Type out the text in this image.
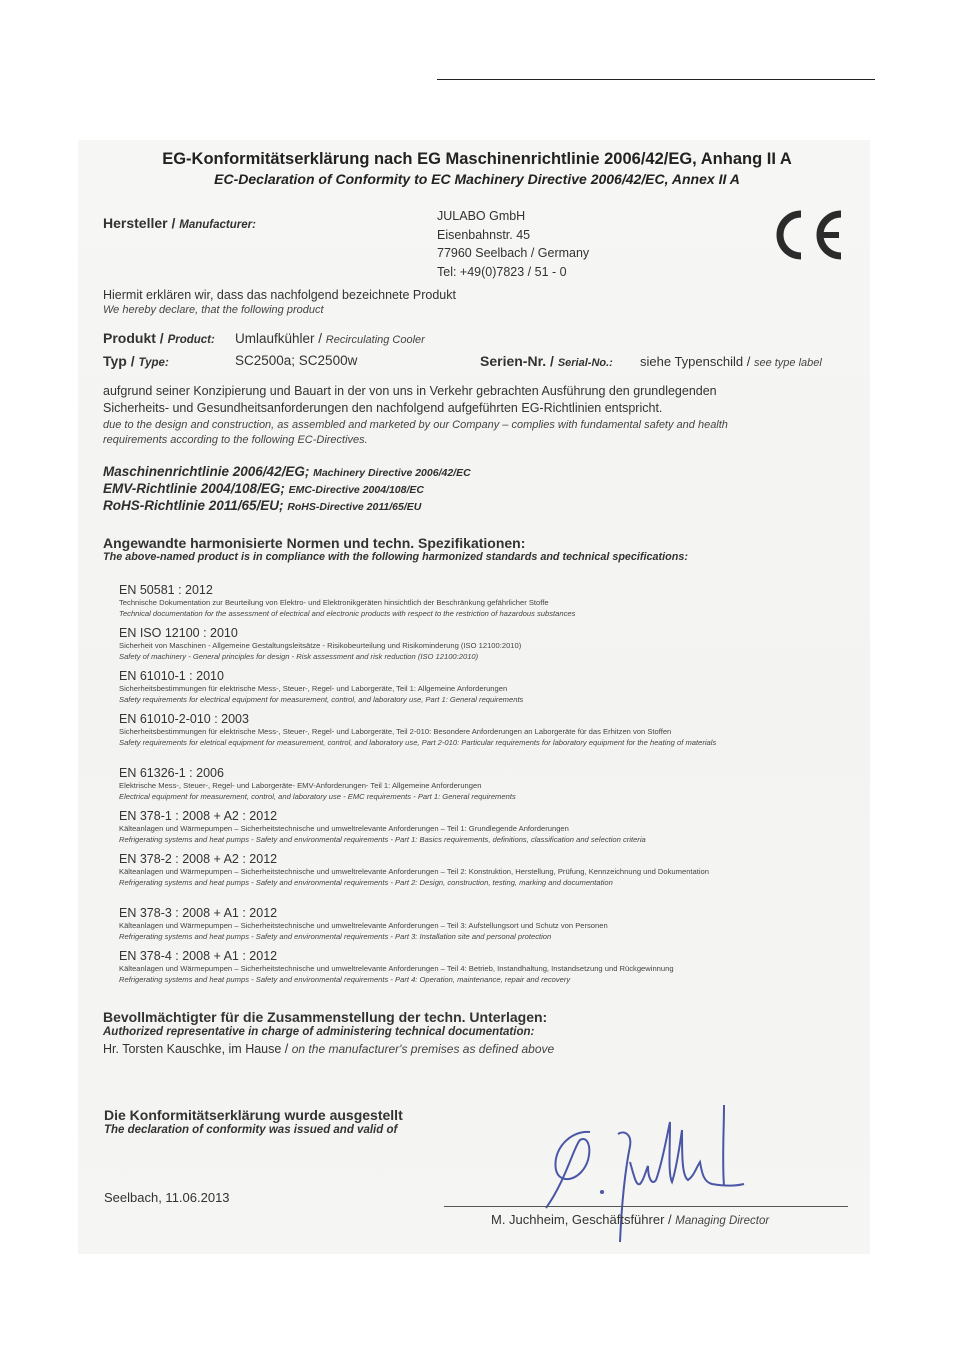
EG-Konformitätserklärung nach EG Maschinenrichtlinie 2006/42/EG, Anhang II A
EC-Declaration of Conformity to EC Machinery Directive 2006/42/EC, Annex II A
Hersteller / Manufacturer:
JULABO GmbH
Eisenbahnstr. 45
77960 Seelbach / Germany
Tel: +49(0)7823 / 51 - 0
Hiermit erklären wir, dass das nachfolgend bezeichnete Produkt
We hereby declare, that the following product
Produkt / Product: Umlaufkühler / Recirculating Cooler
Typ / Type:	SC2500a; SC2500w	Serien-Nr. / Serial-No.: siehe Typenschild / see type label
aufgrund seiner Konzipierung und Bauart in der von uns in Verkehr gebrachten Ausführung den grundlegenden
Sicherheits- und Gesundheitsanforderungen den nachfolgend aufgeführten EG-Richtlinien entspricht.
due to the design and construction, as assembled and marketed by our Company – complies with fundamental safety and health
requirements according to the following EC-Directives.
Maschinenrichtlinie 2006/42/EG; Machinery Directive 2006/42/EC
EMV-Richtlinie 2004/108/EG; EMC-Directive 2004/108/EC
RoHS-Richtlinie 2011/65/EU; RoHS-Directive 2011/65/EU
Angewandte harmonisierte Normen und techn. Spezifikationen:
The above-named product is in compliance with the following harmonized standards and technical specifications:
EN 50581 : 2012
Technische Dokumentation zur Beurteilung von Elektro- und Elektronikgeräten hinsichtlich der Beschränkung gefährlicher Stoffe
Technical documentation for the assessment of electrical and electronic products with respect to the restriction of hazardous substances
EN ISO 12100 : 2010
Sicherheit von Maschinen - Allgemeine Gestaltungsleitsätze - Risikobeurteilung und Risikominderung (ISO 12100:2010)
Safety of machinery - General principles for design - Risk assessment and risk reduction (ISO 12100:2010)
EN 61010-1 : 2010
Sicherheitsbestimmungen für elektrische Mess-, Steuer-, Regel- und Laborgeräte, Teil 1: Allgemeine Anforderungen
Safety requirements for electrical equipment for measurement, control, and laboratory use, Part 1: General requirements
EN 61010-2-010 : 2003
Sicherheitsbestimmungen für elektrische Mess-, Steuer-, Regel- und Laborgeräte, Teil 2-010: Besondere Anforderungen an Laborgeräte für das Erhitzen von Stoffen
Safety requirements for eletrical equipment for measurement, control, and laboratory use, Part 2-010: Particular requirements for laboratory equipment for the heating of materials
EN 61326-1 : 2006
Elektrische Mess-, Steuer-, Regel- und Laborgeräte- EMV-Anforderungen- Teil 1: Allgemeine Anforderungen
Electrical equipment for measurement, control, and laboratory use - EMC requirements - Part 1: General requirements
EN 378-1 : 2008 + A2 : 2012
Kälteanlagen und Wärmepumpen – Sicherheitstechnische und umweltrelevante Anforderungen – Teil 1: Grundlegende Anforderungen
Refrigerating systems and heat pumps - Safety and environmental requirements - Part 1: Basics requirements, definitions, classification and selection criteria
EN 378-2 : 2008 + A2 : 2012
Kälteanlagen und Wärmepumpen – Sicherheitstechnische und umweltrelevante Anforderungen – Teil 2: Konstruktion, Herstellung, Prüfung, Kennzeichnung und Dokumentation
Refrigerating systems and heat pumps - Safety and environmental requirements - Part 2: Design, construction, testing, marking and documentation
EN 378-3 : 2008 + A1 : 2012
Kälteanlagen und Wärmepumpen – Sicherheitstechnische und umweltrelevante Anforderungen – Teil 3: Aufstellungsort und Schutz von Personen
Refrigerating systems and heat pumps - Safety and environmental requirements - Part 3: Installation site and personal protection
EN 378-4 : 2008 + A1 : 2012
Kälteanlagen und Wärmepumpen – Sicherheitstechnische und umweltrelevante Anforderungen – Teil 4: Betrieb, Instandhaltung, Instandsetzung und Rückgewinnung
Refrigerating systems and heat pumps - Safety and environmental requirements - Part 4: Operation, maintenance, repair and recovery
Bevollmächtigter für die Zusammenstellung der techn. Unterlagen:
Authorized representative in charge of administering technical documentation:
Hr. Torsten Kauschke, im Hause / on the manufacturer's premises as defined above
Die Konformitätserklärung wurde ausgestellt
The declaration of conformity was issued and valid of
Seelbach, 11.06.2013
M. Juchheim, Geschäftsführer / Managing Director
